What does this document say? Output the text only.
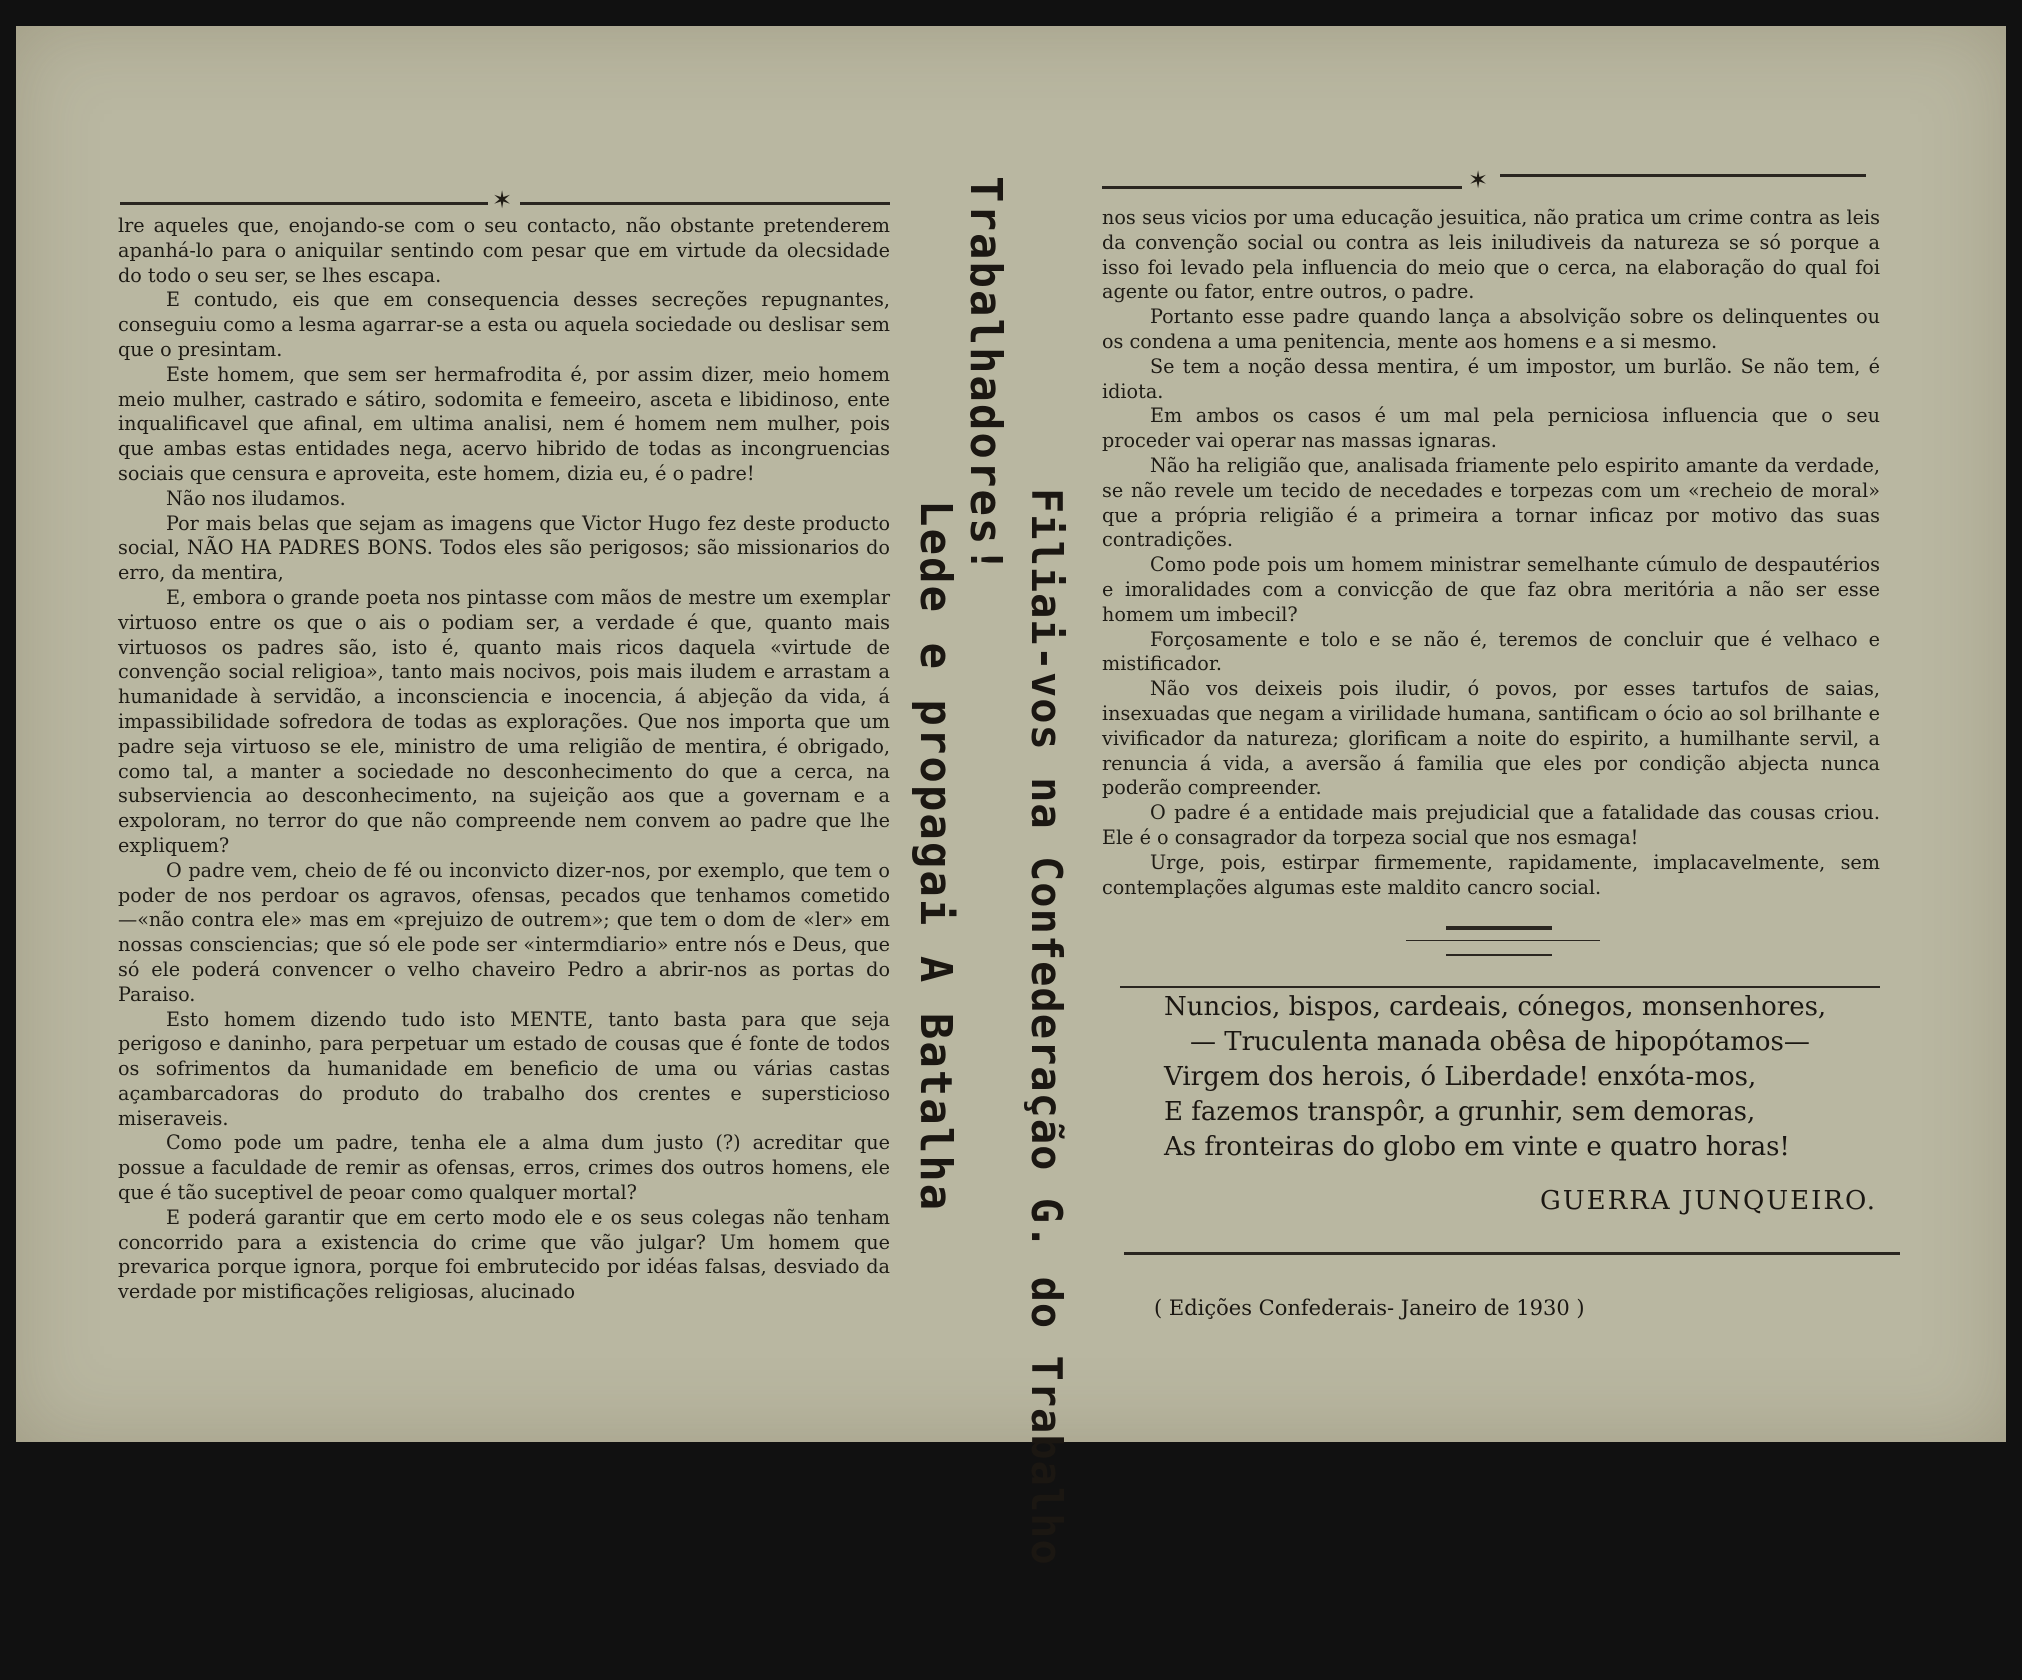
✶
✶

lre aqueles que, enojando-se com o seu contacto, não obstante pretenderem apanhá-lo para o aniquilar sentindo com pesar que em virtude da olecsidade do todo o seu ser, se lhes escapa.

E contudo, eis que em consequencia desses secreções repugnantes, conseguiu como a lesma agarrar-se a esta ou aquela sociedade ou deslisar sem que o presintam.

Este homem, que sem ser hermafrodita é, por assim dizer, meio homem meio mulher, castrado e sátiro, sodomita e femeeiro, asceta e libidinoso, ente inqualificavel que afinal, em ultima analisi, nem é homem nem mulher, pois que ambas estas entidades nega, acervo hibrido de todas as incongruencias sociais que censura e aproveita, este homem, dizia eu, é o padre!

Não nos iludamos.

Por mais belas que sejam as imagens que Victor Hugo fez deste producto social, NÃO HA PADRES BONS. Todos eles são perigosos; são missionarios do erro, da mentira,

E, embora o grande poeta nos pintasse com mãos de mestre um exemplar virtuoso entre os que o ais o podiam ser, a verdade é que, quanto mais virtuosos os padres são, isto é, quanto mais ricos daquela «virtude de convenção social religioa», tanto mais nocivos, pois mais iludem e arrastam a humanidade à servidão, a inconsciencia e inocencia, á abjeção da vida, á impassibilidade sofredora de todas as explorações. Que nos importa que um padre seja virtuoso se ele, ministro de uma religião de mentira, é obrigado, como tal, a manter a sociedade no desconhecimento do que a cerca, na subserviencia ao desconhecimento, na sujeição aos que a governam e a expoloram, no terror do que não compreende nem convem ao padre que lhe expliquem?

O padre vem, cheio de fé ou inconvicto dizer-nos, por exemplo, que tem o poder de nos perdoar os agravos, ofensas, pecados que tenhamos cometido —«não contra ele» mas em «prejuizo de outrem»; que tem o dom de «ler» em nossas consciencias; que só ele pode ser «intermdiario» entre nós e Deus, que só ele poderá convencer o velho chaveiro Pedro a abrir-nos as portas do Paraiso.

Esto homem dizendo tudo isto MENTE, tanto basta para que seja perigoso e daninho, para perpetuar um estado de cousas que é fonte de todos os sofrimentos da humanidade em beneficio de uma ou várias castas açambarcadoras do produto do trabalho dos crentes e supersticioso miseraveis.

Como pode um padre, tenha ele a alma dum justo (?) acreditar que possue a faculdade de remir as ofensas, erros, crimes dos outros homens, ele que é tão suceptivel de peoar como qualquer mortal?

E poderá garantir que em certo modo ele e os seus colegas não tenham concorrido para a existencia do crime que vão julgar? Um homem que prevarica porque ignora, porque foi embrutecido por idéas falsas, desviado da verdade por mistificações religiosas, alucinado

Trabalhadores!
Lede e propagai A Batalha Filiai-vos na Confederação G. do Trabalho

nos seus vicios por uma educação jesuitica, não pratica um crime contra as leis da convenção social ou contra as leis iniludiveis da natureza se só porque a isso foi levado pela influencia do meio que o cerca, na elaboração do qual foi agente ou fator, entre outros, o padre.

Portanto esse padre quando lança a absolvição sobre os delinquentes ou os condena a uma penitencia, mente aos homens e a si mesmo.

Se tem a noção dessa mentira, é um impostor, um burlão. Se não tem, é idiota.

Em ambos os casos é um mal pela perniciosa influencia que o seu proceder vai operar nas massas ignaras.

Não ha religião que, analisada friamente pelo espirito amante da verdade, se não revele um tecido de necedades e torpezas com um «recheio de moral» que a própria religião é a primeira a tornar inficaz por motivo das suas contradições.

Como pode pois um homem ministrar semelhante cúmulo de despautérios e imoralidades com a convicção de que faz obra meritória a não ser esse homem um imbecil?

Forçosamente e tolo e se não é, teremos de concluir que é velhaco e mistificador.

Não vos deixeis pois iludir, ó povos, por esses tartufos de saias, insexuadas que negam a virilidade humana, santificam o ócio ao sol brilhante e vivificador da natureza; glorificam a noite do espirito, a humilhante servil, a renuncia á vida, a aversão á familia que eles por condição abjecta nunca poderão compreender.

O padre é a entidade mais prejudicial que a fatalidade das cousas criou. Ele é o consagrador da torpeza social que nos esmaga!

Urge, pois, estirpar firmemente, rapidamente, implacavelmente, sem contemplações algumas este maldito cancro social.

Nuncios, bispos, cardeais, cónegos, monsenhores,
— Truculenta manada obêsa de hipopótamos—
Virgem dos herois, ó Liberdade! enxóta-mos,
E fazemos transpôr, a grunhir, sem demoras,
As fronteiras do globo em vinte e quatro horas!
GUERRA JUNQUEIRO.
( Edições Confederais- Janeiro de 1930 )
